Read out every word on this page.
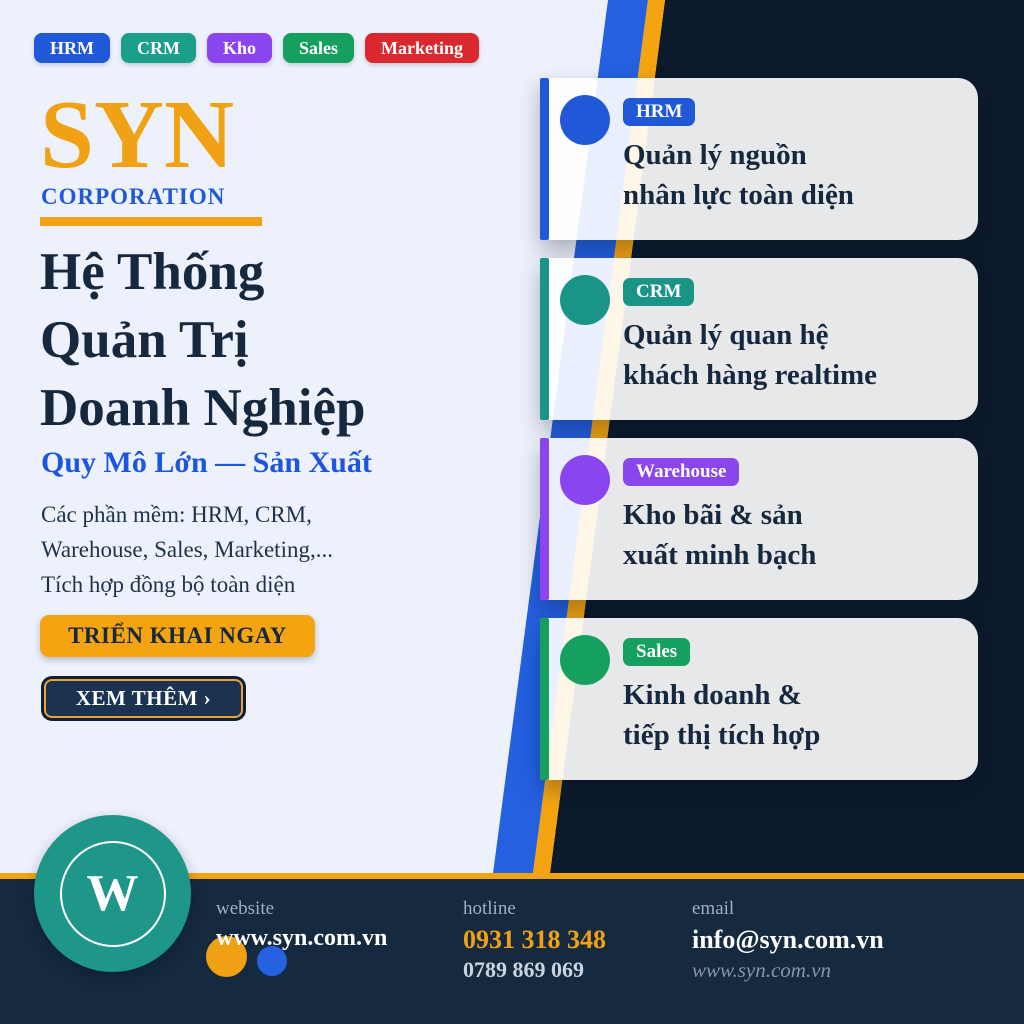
HRM	CRM	Kho	Sales	Marketing
SYN
CORPORATION
Hệ Thống
Quản Trị
Doanh Nghiệp
Quy Mô Lớn — Sản Xuất
Các phần mềm: HRM, CRM,
Warehouse, Sales, Marketing,...
Tích hợp đồng bộ toàn diện
TRIỂN KHAI NGAY
XEM THÊM ›
HRM
Quản lý nguồn
nhân lực toàn diện
CRM
Quản lý quan hệ
khách hàng realtime
Warehouse
Kho bãi & sản
xuất minh bạch
Sales
Kinh doanh &
tiếp thị tích hợp
W	website
www.syn.com.vn
hotline
0931 318 348
0789 869 069
email
info@syn.com.vn
www.syn.com.vn
